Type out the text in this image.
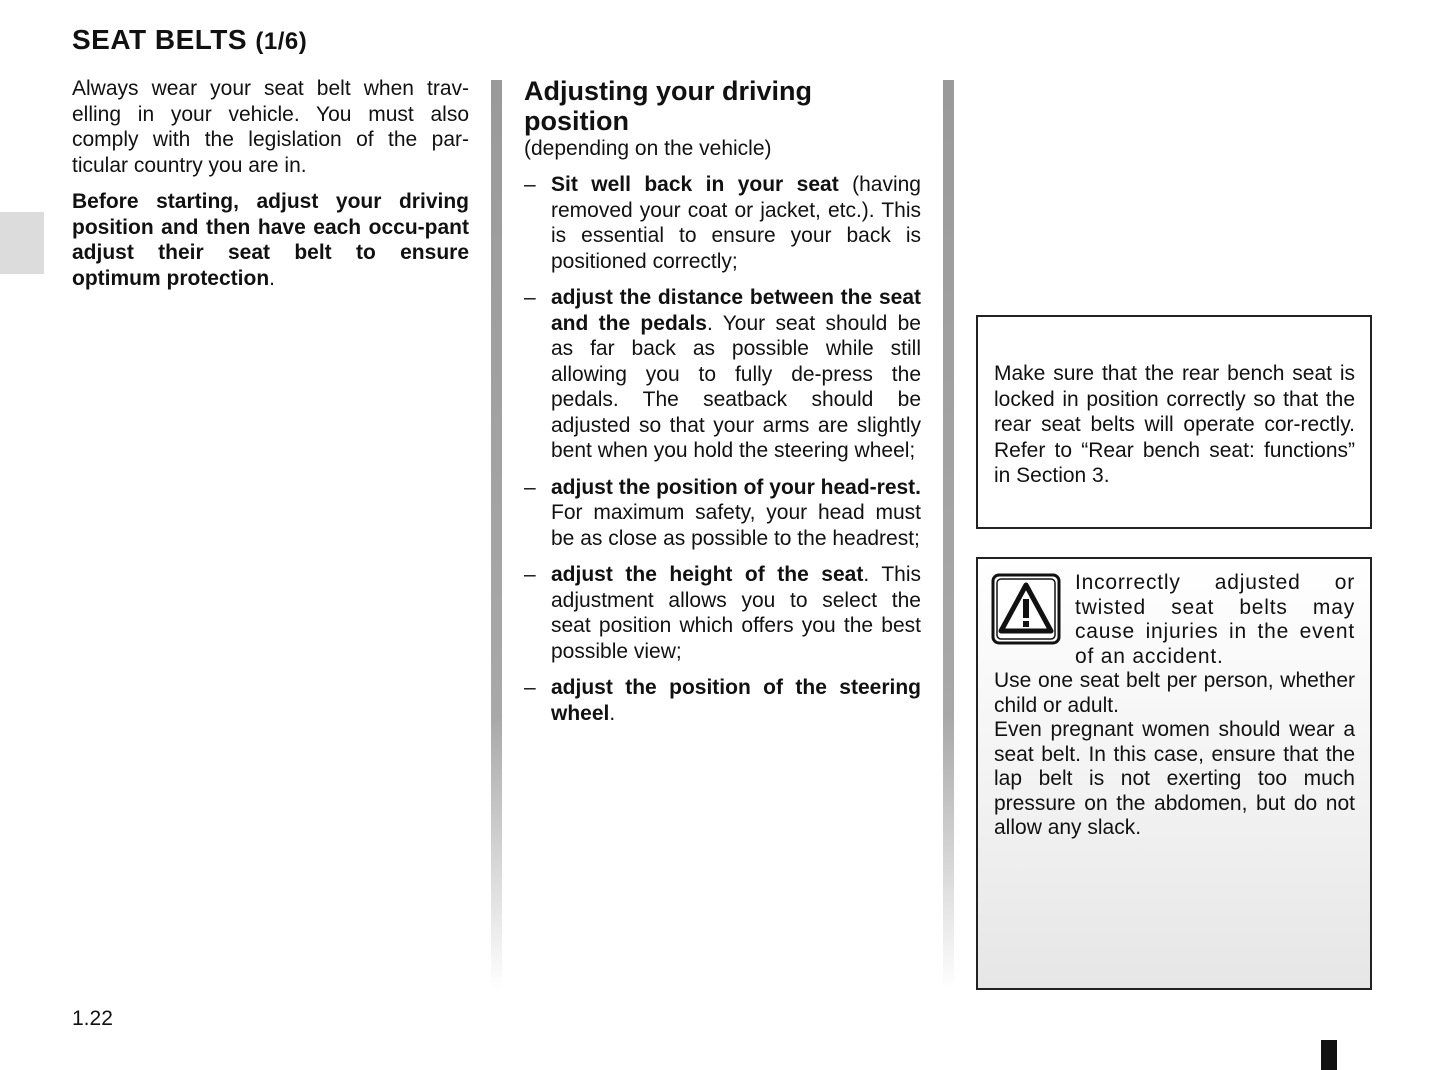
SEAT BELTS (1/6)

Always wear your seat belt when trav-elling in your vehicle. You must also comply with the legislation of the par-ticular country you are in.

Before starting, adjust your driving position and then have each occu-pant adjust their seat belt to ensure optimum protection.

Adjusting your driving position

(depending on the vehicle)

– Sit well back in your seat (having removed your coat or jacket, etc.). This is essential to ensure your back is positioned correctly;
– adjust the distance between the seat and the pedals. Your seat should be as far back as possible while still allowing you to fully de-press the pedals. The seatback should be adjusted so that your arms are slightly bent when you hold the steering wheel;
– adjust the position of your head-rest. For maximum safety, your head must be as close as possible to the headrest;
– adjust the height of the seat. This adjustment allows you to select the seat position which offers you the best possible view;
– adjust the position of the steering wheel.
Make sure that the rear bench seat is locked in position correctly so that the rear seat belts will operate cor-rectly. Refer to “Rear bench seat: functions” in Section 3.

Incorrectly adjusted or twisted seat belts may cause injuries in the event of an accident.

Use one seat belt per person, whether child or adult.

Even pregnant women should wear a seat belt. In this case, ensure that the lap belt is not exerting too much pressure on the abdomen, but do not allow any slack.

1.22
